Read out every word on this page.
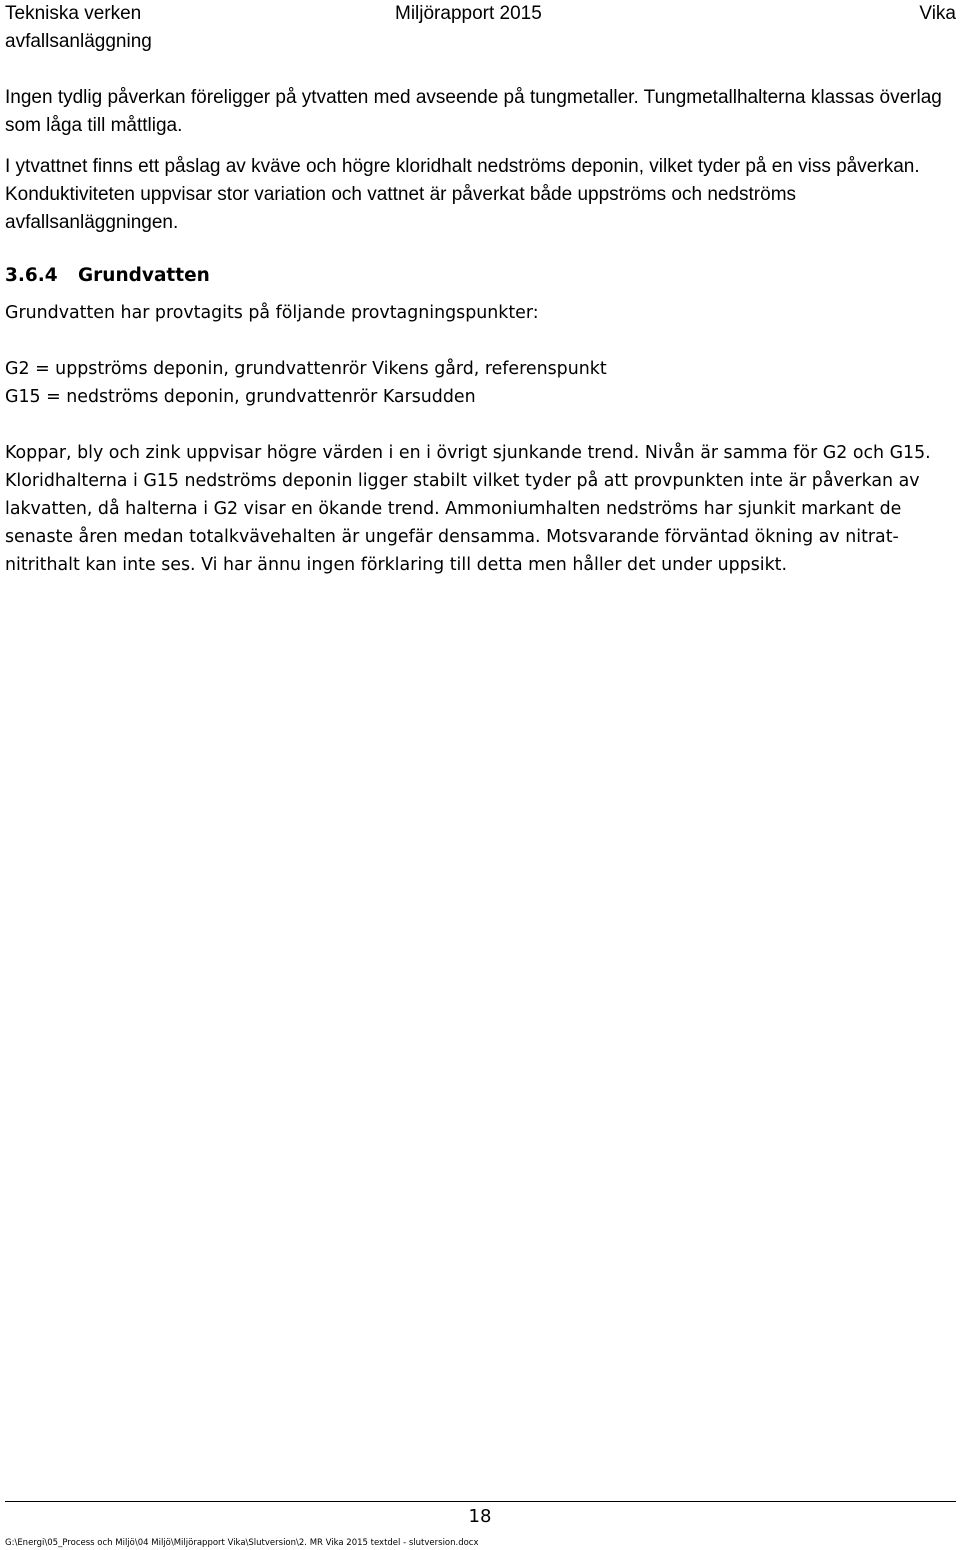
Tekniska verken
avfallsanläggning
Miljörapport 2015	Vika
Ingen tydlig påverkan föreligger på ytvatten med avseende på tungmetaller. Tungmetallhalterna klassas överlag som låga till måttliga.
I ytvattnet finns ett påslag av kväve och högre kloridhalt nedströms deponin, vilket tyder på en viss påverkan. Konduktiviteten uppvisar stor variation och vattnet är påverkat både uppströms och nedströms avfallsanläggningen.
3.6.4 Grundvatten
Grundvatten har provtagits på följande provtagningspunkter:
G2 = uppströms deponin, grundvattenrör Vikens gård, referenspunkt
G15 = nedströms deponin, grundvattenrör Karsudden
Koppar, bly och zink uppvisar högre värden i en i övrigt sjunkande trend. Nivån är samma för G2 och G15. Kloridhalterna i G15 nedströms deponin ligger stabilt vilket tyder på att provpunkten inte är påverkan av lakvatten, då halterna i G2 visar en ökande trend. Ammoniumhalten nedströms har sjunkit markant de senaste åren medan totalkvävehalten är ungefär densamma. Motsvarande förväntad ökning av nitrat-nitrithalt kan inte ses. Vi har ännu ingen förklaring till detta men håller det under uppsikt.
18
G:\Energi\05_Process och Miljö\04 Miljö\Miljörapport Vika\Slutversion\2. MR Vika 2015 textdel - slutversion.docx
